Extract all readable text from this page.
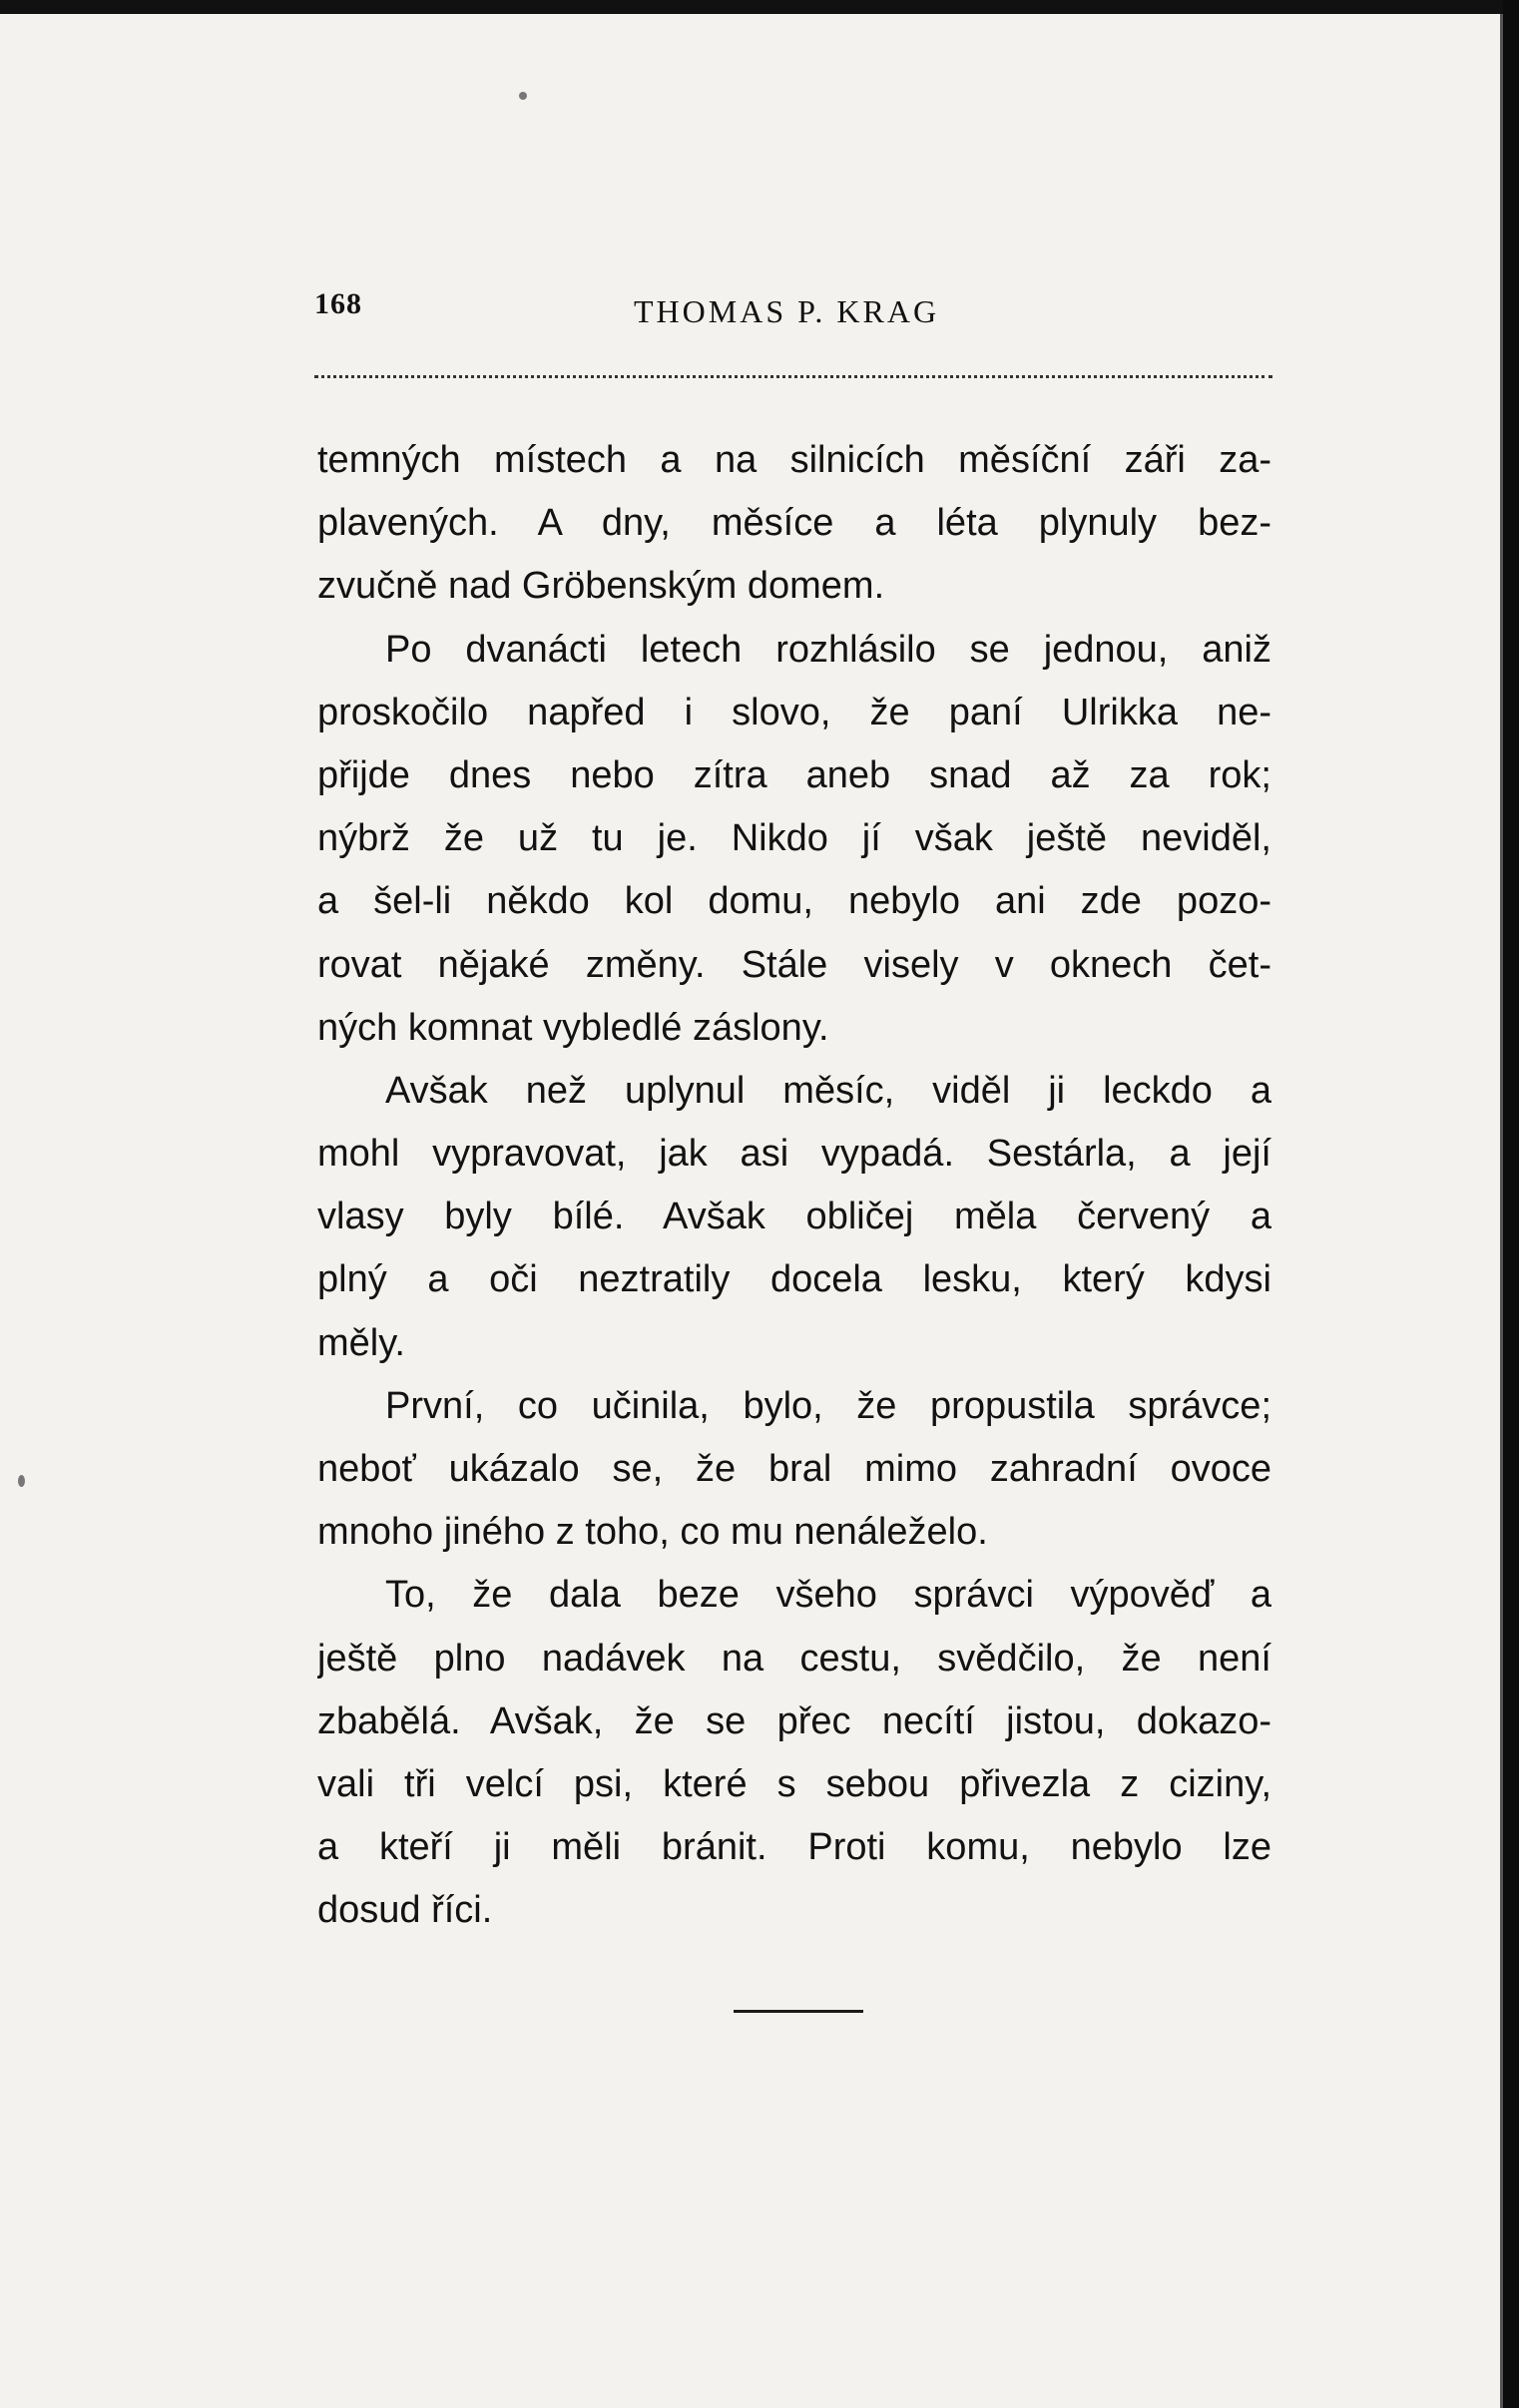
168	THOMAS P. KRAG
temných místech a na silnicích měsíční záři za-
plavených. A dny, měsíce a léta plynuly bez-
zvučně nad Gröbenským domem.
Po dvanácti letech rozhlásilo se jednou, aniž
proskočilo napřed i slovo, že paní Ulrikka ne-
přijde dnes nebo zítra aneb snad až za rok;
nýbrž že už tu je. Nikdo jí však ještě neviděl,
a šel-li někdo kol domu, nebylo ani zde pozo-
rovat nějaké změny. Stále visely v oknech čet-
ných komnat vybledlé záslony.
Avšak než uplynul měsíc, viděl ji leckdo a
mohl vypravovat, jak asi vypadá. Sestárla, a její
vlasy byly bílé. Avšak obličej měla červený a
plný a oči neztratily docela lesku, který kdysi
měly.
První, co učinila, bylo, že propustila správce;
neboť ukázalo se, že bral mimo zahradní ovoce
mnoho jiného z toho, co mu nenáleželo.
To, že dala beze všeho správci výpověď a
ještě plno nadávek na cestu, svědčilo, že není
zbabělá. Avšak, že se přec necítí jistou, dokazo-
vali tři velcí psi, které s sebou přivezla z ciziny,
a kteří ji měli bránit. Proti komu, nebylo lze
dosud říci.
